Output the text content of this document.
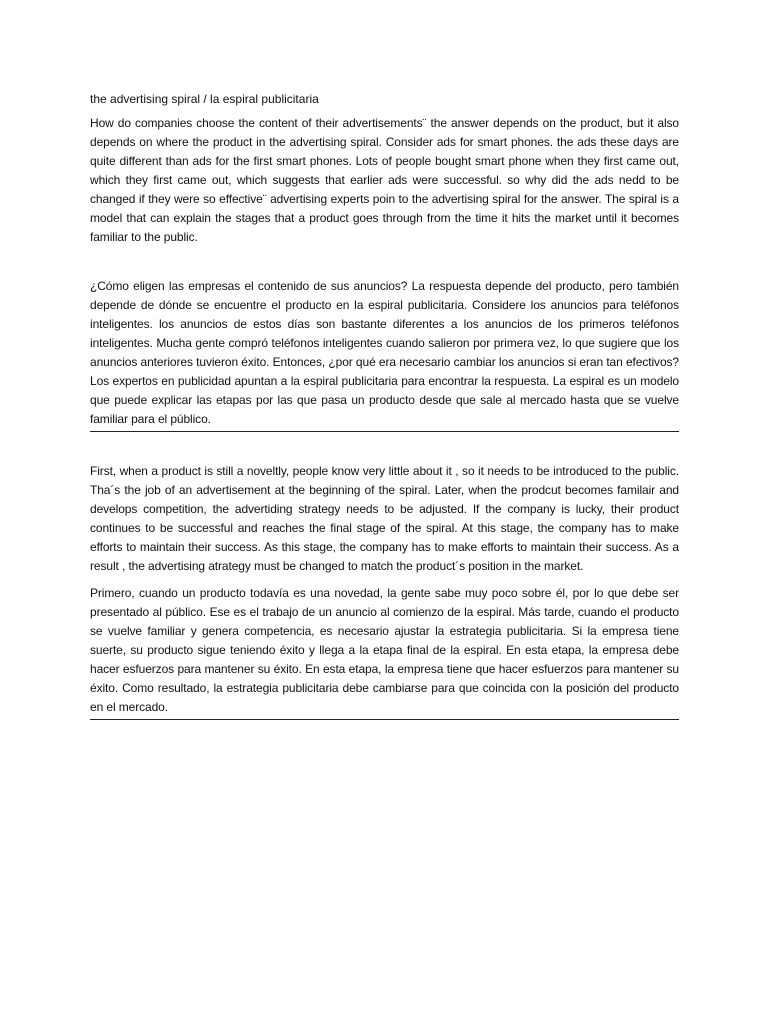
the advertising spiral / la espiral publicitaria

How do companies choose the content of their advertisements¨ the answer depends on the product, but it also depends on where the product in the advertising spiral. Consider ads for smart phones. the ads these days are quite different than ads for the first smart phones. Lots of people bought smart phone when they first came out, which they first came out, which suggests that earlier ads were successful. so why did the ads nedd to be changed if they were so effective¨ advertising experts poin to the advertising spiral for the answer. The spiral is a model that can explain the stages that a product goes through from the time it hits the market until it becomes familiar to the public.

¿Cómo eligen las empresas el contenido de sus anuncios? La respuesta depende del producto, pero también depende de dónde se encuentre el producto en la espiral publicitaria. Considere los anuncios para teléfonos inteligentes. los anuncios de estos días son bastante diferentes a los anuncios de los primeros teléfonos inteligentes. Mucha gente compró teléfonos inteligentes cuando salieron por primera vez, lo que sugiere que los anuncios anteriores tuvieron éxito. Entonces, ¿por qué era necesario cambiar los anuncios si eran tan efectivos? Los expertos en publicidad apuntan a la espiral publicitaria para encontrar la respuesta. La espiral es un modelo que puede explicar las etapas por las que pasa un producto desde que sale al mercado hasta que se vuelve familiar para el público.

First, when a product is still a noveltly, people know very little about it , so it needs to be introduced to the public. Tha´s the job of an advertisement at the beginning of the spiral. Later, when the prodcut becomes familair and develops competition, the advertiding strategy needs to be adjusted. If the company is lucky, their product continues to be successful and reaches the final stage of the spiral. At this stage, the company has to make efforts to maintain their success. As this stage, the company has to make efforts to maintain their success. As a result , the advertising atrategy must be changed to match the product´s position in the market.

Primero, cuando un producto todavía es una novedad, la gente sabe muy poco sobre él, por lo que debe ser presentado al público. Ese es el trabajo de un anuncio al comienzo de la espiral. Más tarde, cuando el producto se vuelve familiar y genera competencia, es necesario ajustar la estrategia publicitaria. Si la empresa tiene suerte, su producto sigue teniendo éxito y llega a la etapa final de la espiral. En esta etapa, la empresa debe hacer esfuerzos para mantener su éxito. En esta etapa, la empresa tiene que hacer esfuerzos para mantener su éxito. Como resultado, la estrategia publicitaria debe cambiarse para que coincida con la posición del producto en el mercado.
